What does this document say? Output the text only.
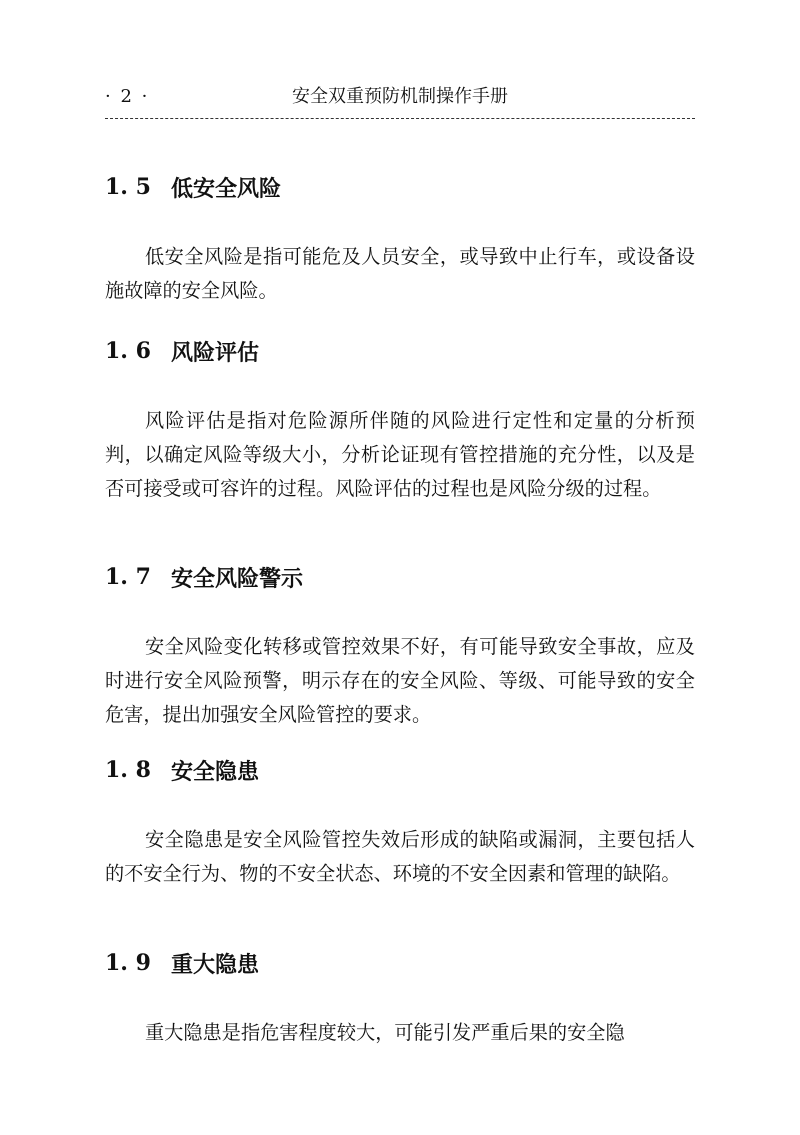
· 2 ·	安全双重预防机制操作手册
1. 5 低安全风险

低安全风险是指可能危及人员安全，或导致中止行车，或设备设施故障的安全风险。

1. 6 风险评估

风险评估是指对危险源所伴随的风险进行定性和定量的分析预判，以确定风险等级大小，分析论证现有管控措施的充分性，以及是否可接受或可容许的过程。风险评估的过程也是风险分级的过程。

1. 7 安全风险警示

安全风险变化转移或管控效果不好，有可能导致安全事故，应及时进行安全风险预警，明示存在的安全风险、等级、可能导致的安全危害，提出加强安全风险管控的要求。

1. 8 安全隐患

安全隐患是安全风险管控失效后形成的缺陷或漏洞，主要包括人的不安全行为、物的不安全状态、环境的不安全因素和管理的缺陷。

1. 9 重大隐患

重大隐患是指危害程度较大，可能引发严重后果的安全隐
